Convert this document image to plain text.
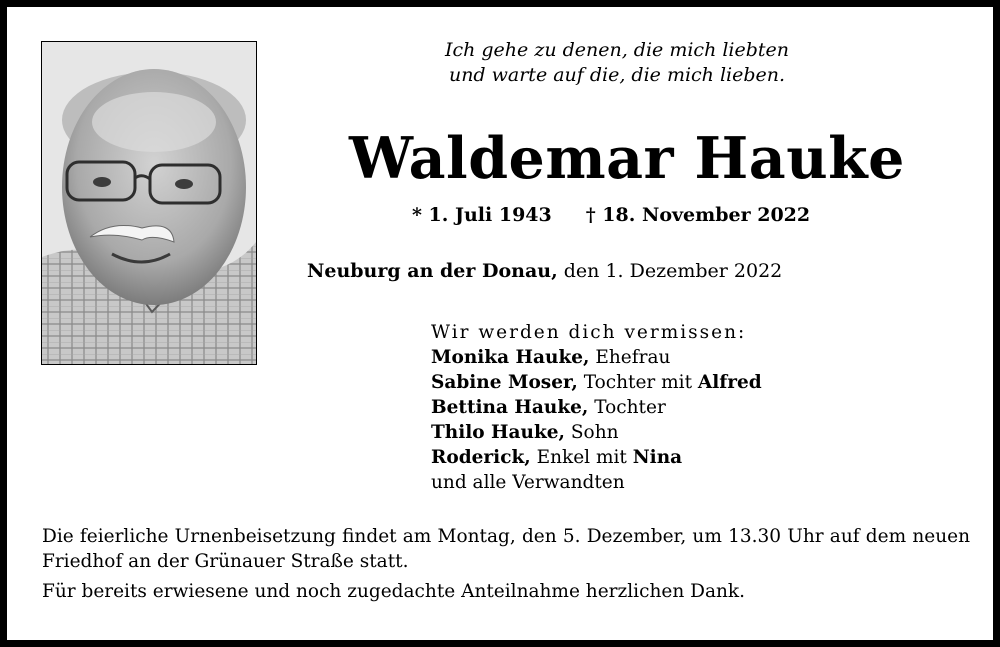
Ich gehe zu denen, die mich liebten
und warte auf die, die mich lieben.
Waldemar Hauke
* 1. Juli 1943 † 18. November 2022
Neuburg an der Donau, den 1. Dezember 2022
Wir werden dich vermissen:
Monika Hauke, Ehefrau
Sabine Moser, Tochter mit Alfred
Bettina Hauke, Tochter
Thilo Hauke, Sohn
Roderick, Enkel mit Nina
und alle Verwandten

Die feierliche Urnenbeisetzung findet am Montag, den 5. Dezember, um 13.30 Uhr auf dem neuen Friedhof an der Grünauer Straße statt.

Für bereits erwiesene und noch zugedachte Anteilnahme herzlichen Dank.
